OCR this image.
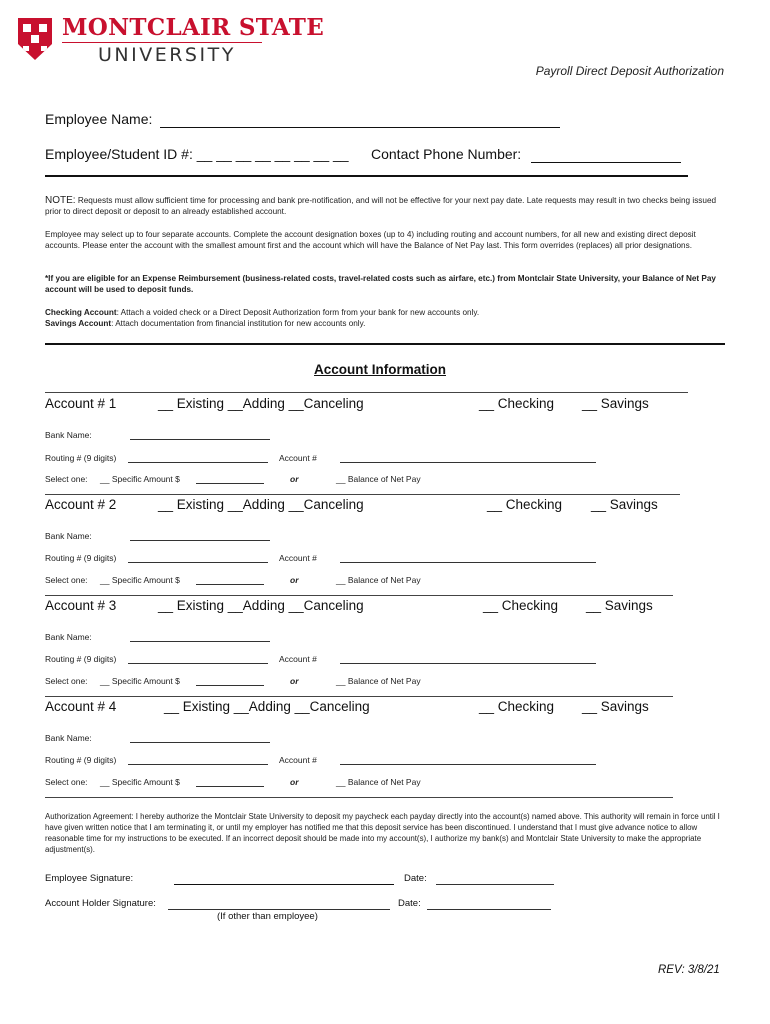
MONTCLAIR STATE
UNIVERSITY
Payroll Direct Deposit Authorization
Employee Name:
Employee/Student ID #: __ __ __ __ __ __ __ __ Contact Phone Number:
NOTE: Requests must allow sufficient time for processing and bank pre-notification, and will not be effective for your next pay date. Late requests may result in two checks being issued prior to direct deposit or deposit to an already established account.
Employee may select up to four separate accounts. Complete the account designation boxes (up to 4) including routing and account numbers, for all new and existing direct deposit accounts. Please enter the account with the smallest amount first and the account which will have the Balance of Net Pay last. This form overrides (replaces) all prior designations.
*If you are eligible for an Expense Reimbursement (business-related costs, travel-related costs such as airfare, etc.) from Montclair State University, your Balance of Net Pay account will be used to deposit funds.
Checking Account: Attach a voided check or a Direct Deposit Authorization form from your bank for new accounts only.
Savings Account: Attach documentation from financial institution for new accounts only.
Account Information
Account # 1	__ Existing __Adding __Canceling	__ Checking __ Savings
Bank Name:
Routing # (9 digits)	Account #
Select one: __ Specific Amount $	or	__ Balance of Net Pay
Account # 2	__ Existing __Adding __Canceling	__ Checking __ Savings
Bank Name:
Routing # (9 digits)	Account #
Select one: __ Specific Amount $	or	__ Balance of Net Pay
Account # 3	__ Existing __Adding __Canceling	__ Checking __ Savings
Bank Name:
Routing # (9 digits)	Account #
Select one: __ Specific Amount $	or	__ Balance of Net Pay
Account # 4	__ Existing __Adding __Canceling	__ Checking __ Savings
Bank Name:
Routing # (9 digits)	Account #
Select one: __ Specific Amount $	or	__ Balance of Net Pay
Authorization Agreement: I hereby authorize the Montclair State University to deposit my paycheck each payday directly into the account(s) named above. This authority will remain in force until I have given written notice that I am terminating it, or until my employer has notified me that this deposit service has been discontinued. I understand that I must give advance notice to allow reasonable time for my instructions to be executed. If an incorrect deposit should be made into my account(s), I authorize my bank(s) and Montclair State University to make the appropriate adjustment(s).
Employee Signature:	Date:
Account Holder Signature:	Date:
(If other than employee)
REV: 3/8/21
